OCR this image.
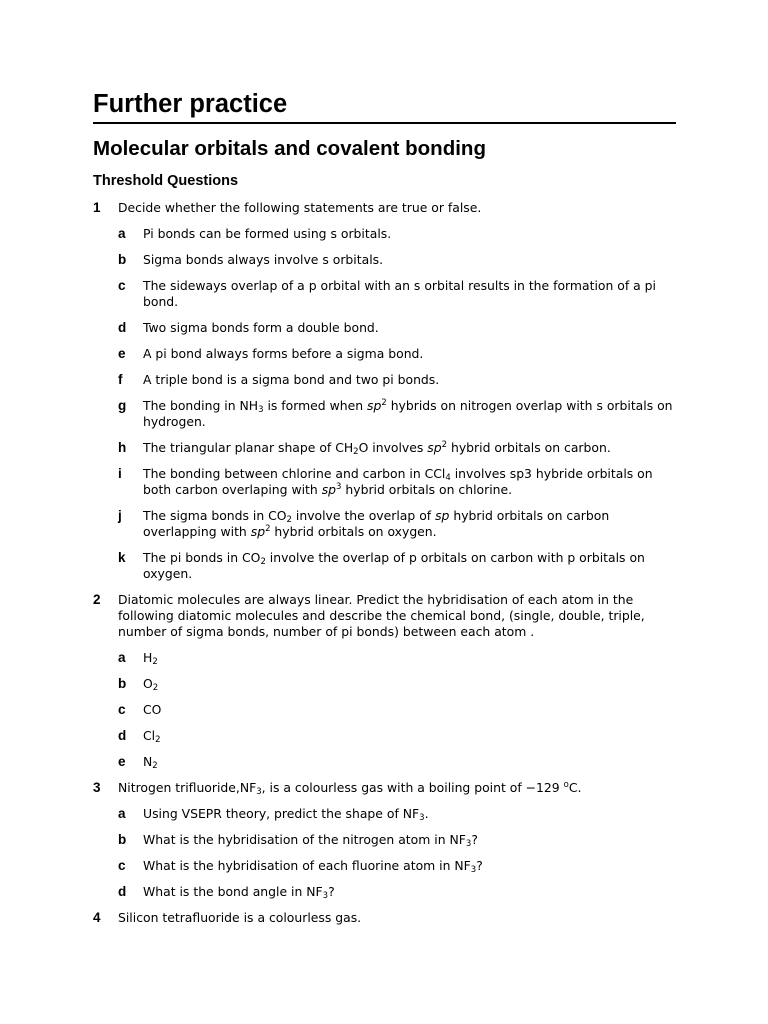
Further practice
Molecular orbitals and covalent bonding
Threshold Questions
1	Decide whether the following statements are true or false.
a	Pi bonds can be formed using s orbitals.
b	Sigma bonds always involve s orbitals.
c	The sideways overlap of a p orbital with an s orbital results in the formation of a pi bond.
d	Two sigma bonds form a double bond.
e	A pi bond always forms before a sigma bond.
f	A triple bond is a sigma bond and two pi bonds.
g	The bonding in $NH_3$ is formed when $sp^2$ hybrids on nitrogen overlap with s orbitals on hydrogen.
h	The triangular planar shape of $CH_2O$ involves $sp^2$ hybrid orbitals on carbon.
i	The bonding between chlorine and carbon in CCl$_4$ involves sp3 hybride orbitals on both carbon overlaping with $sp^3$ hybrid orbitals on chlorine.
j	The sigma bonds in $CO_2$ involve the overlap of sp hybrid orbitals on carbon overlapping with $sp^2$ hybrid orbitals on oxygen.
k	The pi bonds in $CO_2$ involve the overlap of p orbitals on carbon with p orbitals on oxygen.
2	Diatomic molecules are always linear. Predict the hybridisation of each atom in the following diatomic molecules and describe the chemical bond, (single, double, triple, number of sigma bonds, number of pi bonds) between each atom .
a	$H_2$
b	$O_2$
c	CO
d	$Cl_2$
e	$N_2$
3	Nitrogen $trifluoride,NF_3$, is a colourless gas with a boiling point of −129 $^o$C.
a	Using VSEPR theory, predict the shape of $NF_3$.
b	What is the hybridisation of the nitrogen atom in $NF_3$?
c	What is the hybridisation of each fluorine atom in $NF_3$?
d	What is the bond angle in $NF_3$?
4	Silicon tetrafluoride is a colourless gas.
